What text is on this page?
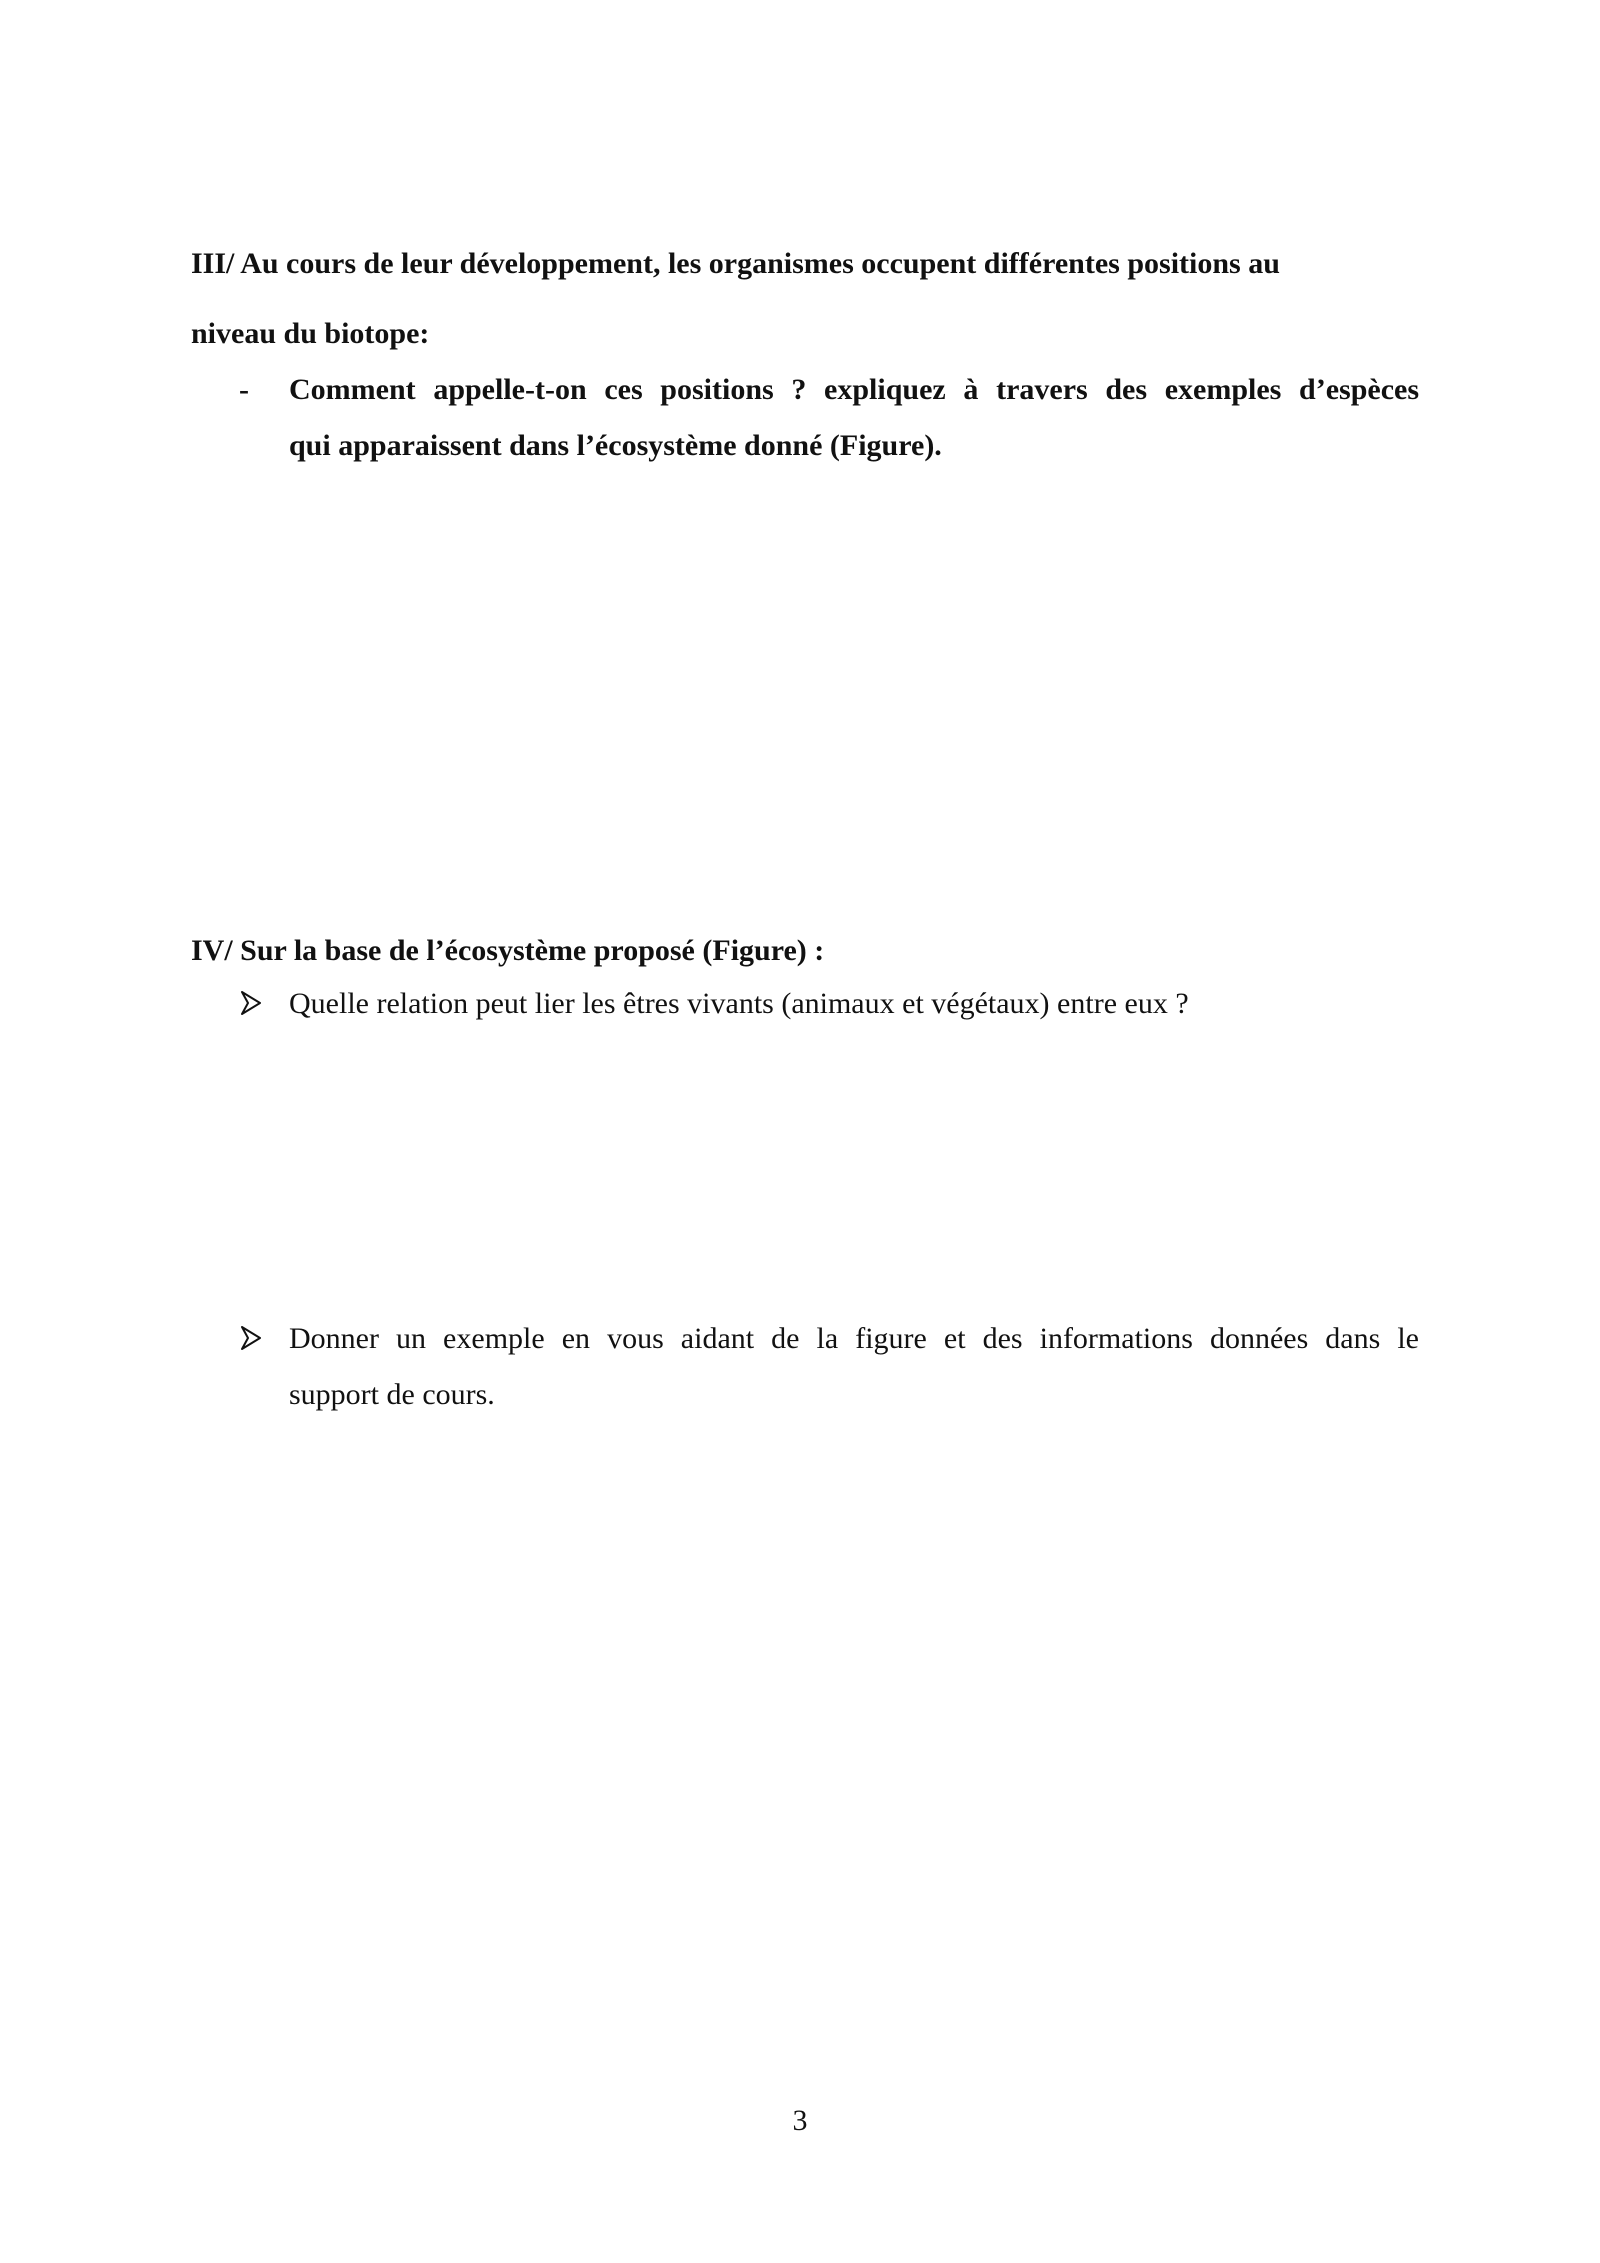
III/ Au cours de leur développement, les organismes occupent différentes positions au
niveau du biotope:
- Comment appelle-t-on ces positions ? expliquez à travers des exemples d’espèces
qui apparaissent dans l’écosystème donné (Figure).
IV/ Sur la base de l’écosystème proposé (Figure) :
Quelle relation peut lier les êtres vivants (animaux et végétaux) entre eux ?
Donner un exemple en vous aidant de la figure et des informations données dans le
support de cours.
3
